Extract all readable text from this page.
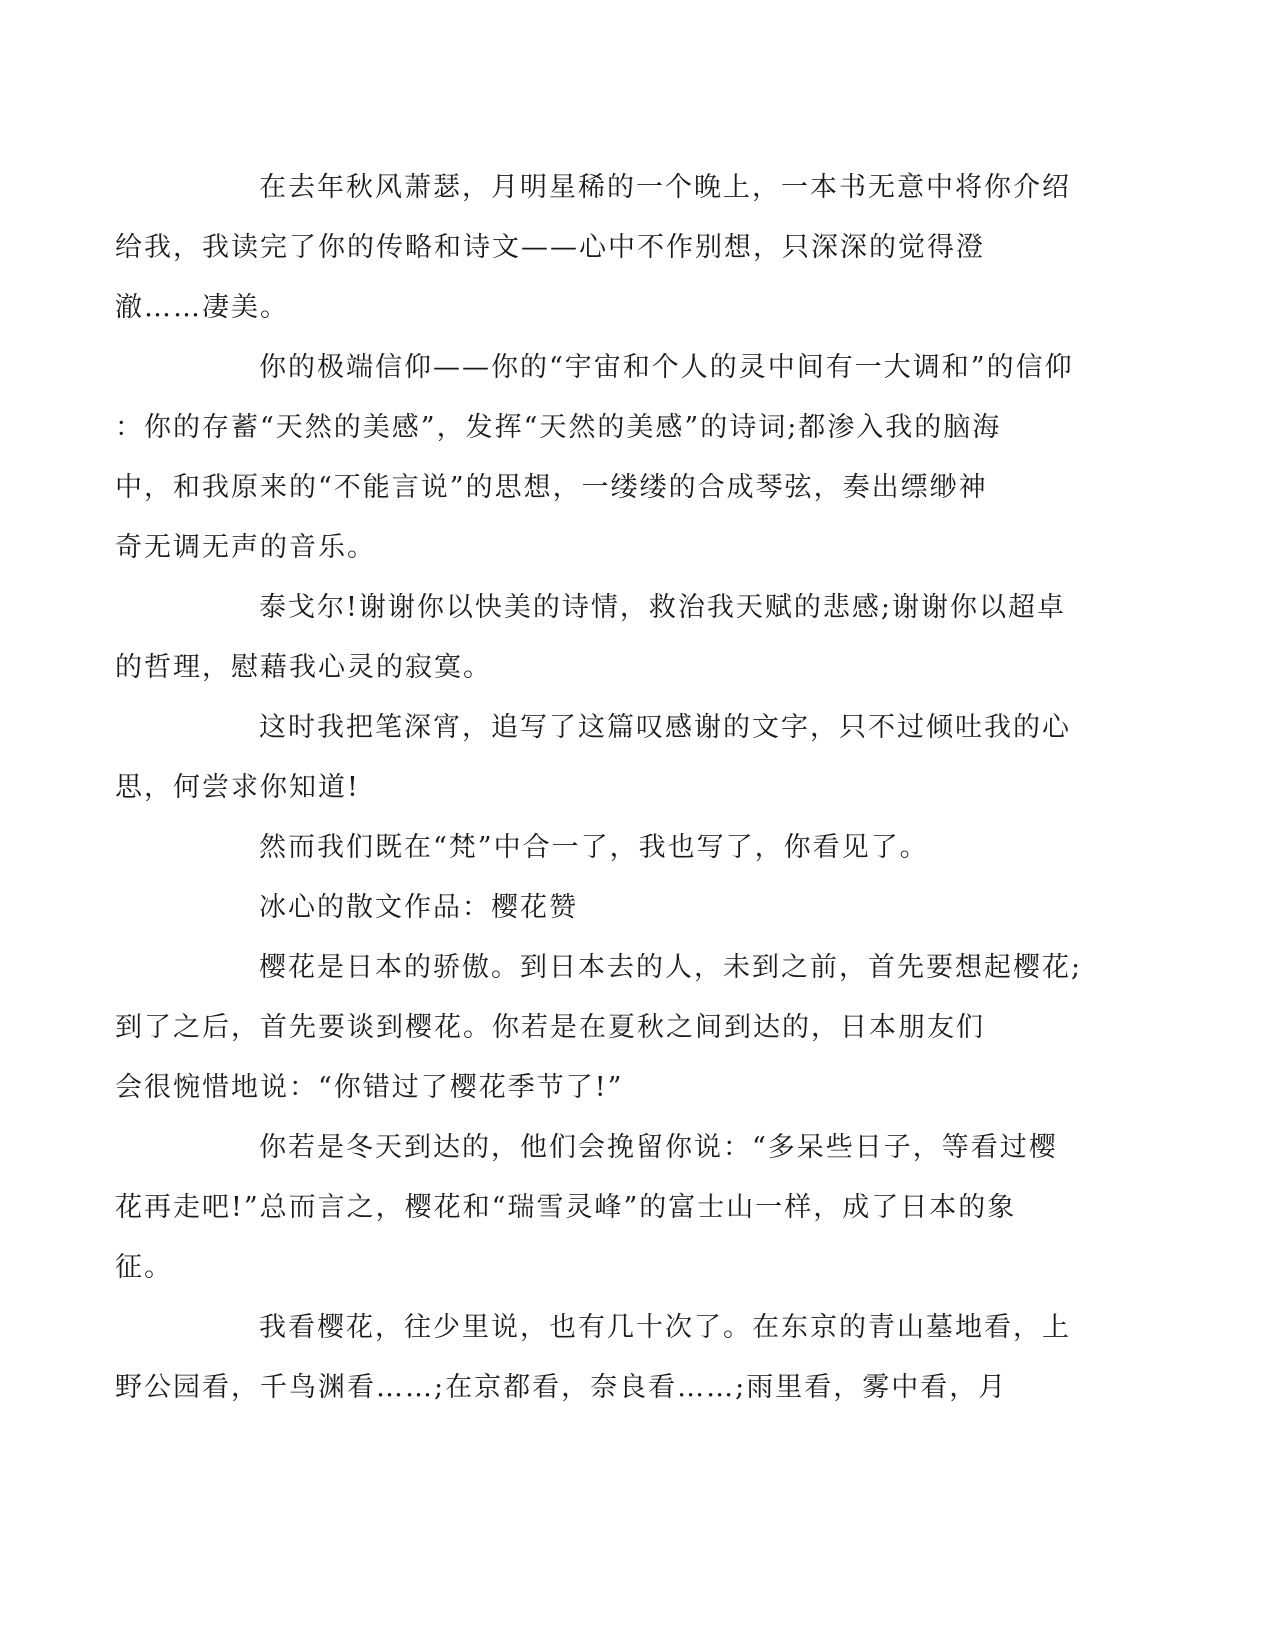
在去年秋风萧瑟，月明星稀的一个晚上，一本书无意中将你介绍
给我，我读完了你的传略和诗文——心中不作别想，只深深的觉得澄
澈……凄美。

你的极端信仰——你的“宇宙和个人的灵中间有一大调和”的信仰
：你的存蓄“天然的美感”，发挥“天然的美感”的诗词;都渗入我的脑海
中，和我原来的“不能言说”的思想，一缕缕的合成琴弦，奏出缥缈神
奇无调无声的音乐。

泰戈尔!谢谢你以快美的诗情，救治我天赋的悲感;谢谢你以超卓
的哲理，慰藉我心灵的寂寞。

这时我把笔深宵，追写了这篇叹感谢的文字，只不过倾吐我的心
思，何尝求你知道!

然而我们既在“梵”中合一了，我也写了，你看见了。

冰心的散文作品：樱花赞

樱花是日本的骄傲。到日本去的人，未到之前，首先要想起樱花;
到了之后，首先要谈到樱花。你若是在夏秋之间到达的，日本朋友们
会很惋惜地说：“你错过了樱花季节了!”

你若是冬天到达的，他们会挽留你说：“多呆些日子，等看过樱
花再走吧!”总而言之，樱花和“瑞雪灵峰”的富士山一样，成了日本的象
征。

我看樱花，往少里说，也有几十次了。在东京的青山墓地看，上
野公园看，千鸟渊看……;在京都看，奈良看……;雨里看，雾中看，月
